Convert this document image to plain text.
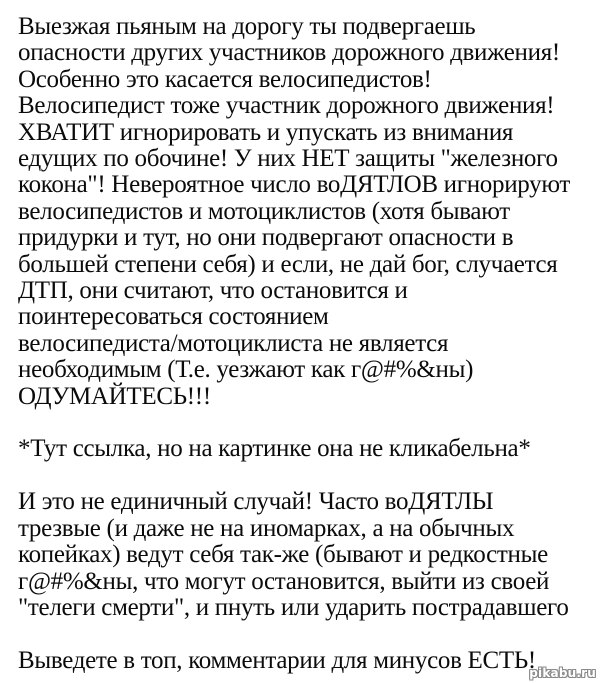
Выезжая пьяным на дорогу ты подвергаешь
опасности других участников дорожного движения!
Особенно это касается велосипедистов!
Велосипедист тоже участник дорожного движения!
ХВАТИТ игнорировать и упускать из внимания
едущих по обочине! У них НЕТ защиты "железного
кокона"! Невероятное число воДЯТЛОВ игнорируют
велосипедистов и мотоциклистов (хотя бывают
придурки и тут, но они подвергают опасности в
большей степени себя) и если, не дай бог, случается
ДТП, они считают, что остановится и
поинтересоваться состоянием
велосипедиста/мотоциклиста не является
необходимым (Т.е. уезжают как г@#%&ны)
ОДУМАЙТЕСЬ!!!
*Тут ссылка, но на картинке она не кликабельна*
И это не единичный случай! Часто воДЯТЛЫ
трезвые (и даже не на иномарках, а на обычных
копейках) ведут себя так-же (бывают и редкостные
г@#%&ны, что могут остановится, выйти из своей
"телеги смерти", и пнуть или ударить пострадавшего
Выведете в топ, комментарии для минусов ЕСТЬ!
pikabu.ru
